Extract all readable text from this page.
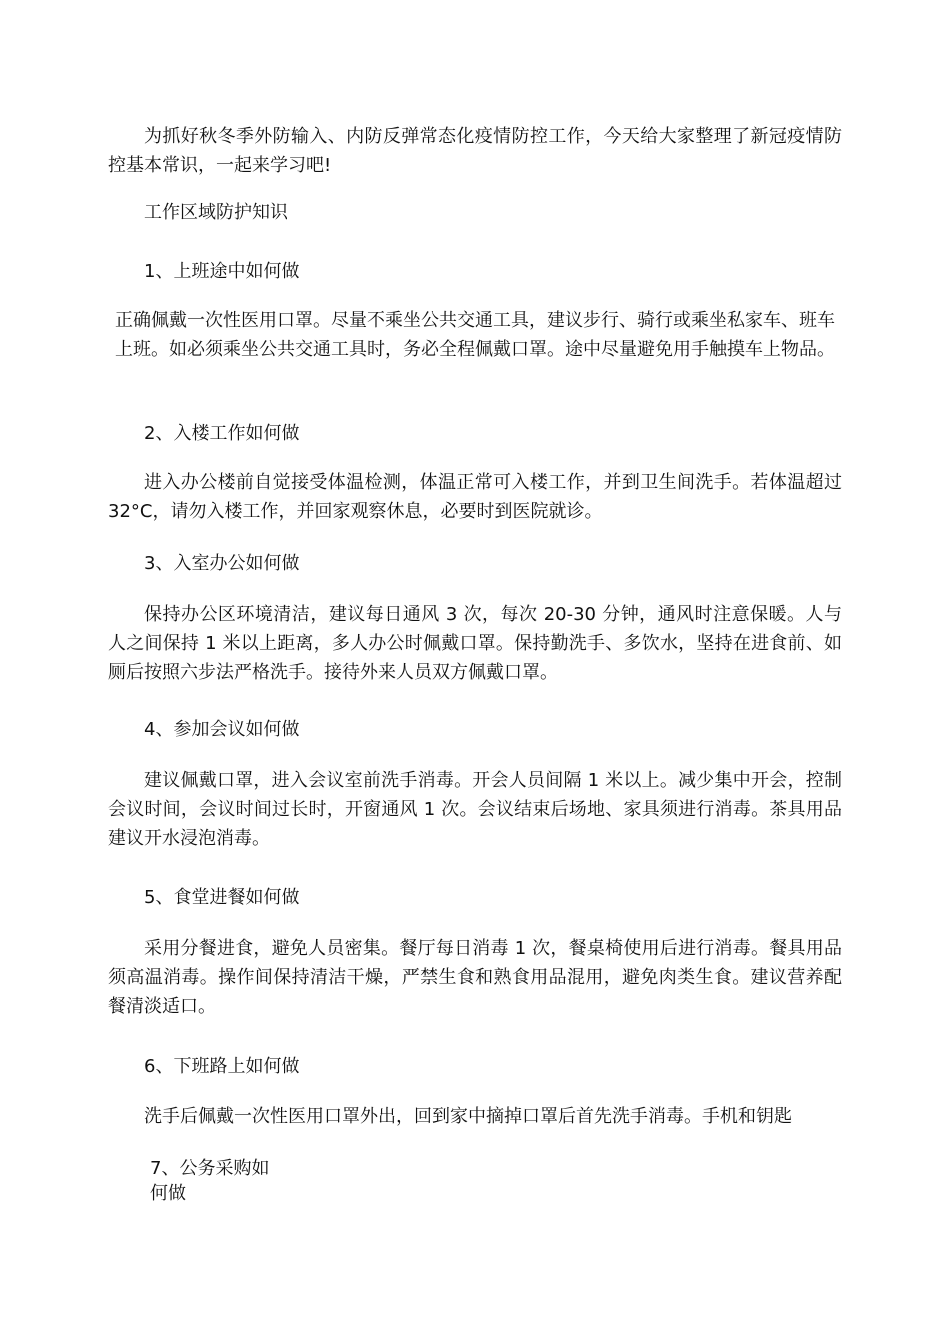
为抓好秋冬季外防输入、内防反弹常态化疫情防控工作，今天给大家整理了新冠疫情防控基本常识，一起来学习吧!

工作区域防护知识

1、上班途中如何做

正确佩戴一次性医用口罩。尽量不乘坐公共交通工具，建议步行、骑行或乘坐私家车、班车上班。如必须乘坐公共交通工具时，务必全程佩戴口罩。途中尽量避免用手触摸车上物品。

2、入楼工作如何做

进入办公楼前自觉接受体温检测，体温正常可入楼工作，并到卫生间洗手。若体温超过 32°C，请勿入楼工作，并回家观察休息，必要时到医院就诊。

3、入室办公如何做

保持办公区环境清洁，建议每日通风 3 次，每次 20-30 分钟，通风时注意保暖。人与人之间保持 1 米以上距离，多人办公时佩戴口罩。保持勤洗手、多饮水，坚持在进食前、如厕后按照六步法严格洗手。接待外来人员双方佩戴口罩。

4、参加会议如何做

建议佩戴口罩，进入会议室前洗手消毒。开会人员间隔 1 米以上。减少集中开会，控制会议时间，会议时间过长时，开窗通风 1 次。会议结束后场地、家具须进行消毒。茶具用品建议开水浸泡消毒。

5、食堂进餐如何做

采用分餐进食，避免人员密集。餐厅每日消毒 1 次，餐桌椅使用后进行消毒。餐具用品须高温消毒。操作间保持清洁干燥，严禁生食和熟食用品混用，避免肉类生食。建议营养配餐清淡适口。

6、下班路上如何做

洗手后佩戴一次性医用口罩外出，回到家中摘掉口罩后首先洗手消毒。手机和钥匙

7、公务采购如

何做
